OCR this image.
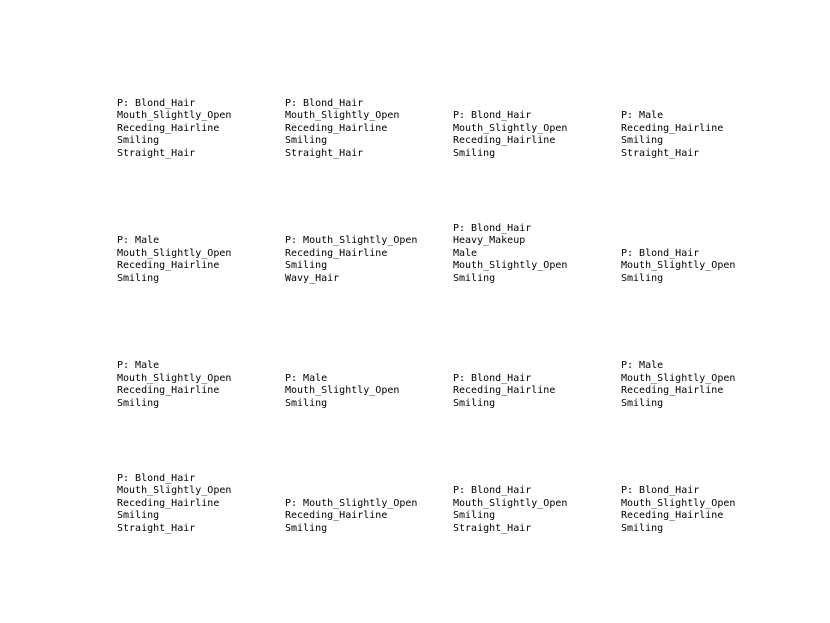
P: Blond_Hair
Mouth_Slightly_Open
Receding_Hairline
Smiling
Straight_Hair
P: Blond_Hair
Mouth_Slightly_Open
Receding_Hairline
Smiling
Straight_Hair
P: Blond_Hair
Mouth_Slightly_Open
Receding_Hairline
Smiling
P: Male
Receding_Hairline
Smiling
Straight_Hair
P: Male
Mouth_Slightly_Open
Receding_Hairline
Smiling
P: Mouth_Slightly_Open
Receding_Hairline
Smiling
Wavy_Hair
P: Blond_Hair
Heavy_Makeup
Male
Mouth_Slightly_Open
Smiling
P: Blond_Hair
Mouth_Slightly_Open
Smiling
P: Male
Mouth_Slightly_Open
Receding_Hairline
Smiling
P: Male
Mouth_Slightly_Open
Smiling
P: Blond_Hair
Receding_Hairline
Smiling
P: Male
Mouth_Slightly_Open
Receding_Hairline
Smiling
P: Blond_Hair
Mouth_Slightly_Open
Receding_Hairline
Smiling
Straight_Hair
P: Mouth_Slightly_Open
Receding_Hairline
Smiling
P: Blond_Hair
Mouth_Slightly_Open
Smiling
Straight_Hair
P: Blond_Hair
Mouth_Slightly_Open
Receding_Hairline
Smiling
